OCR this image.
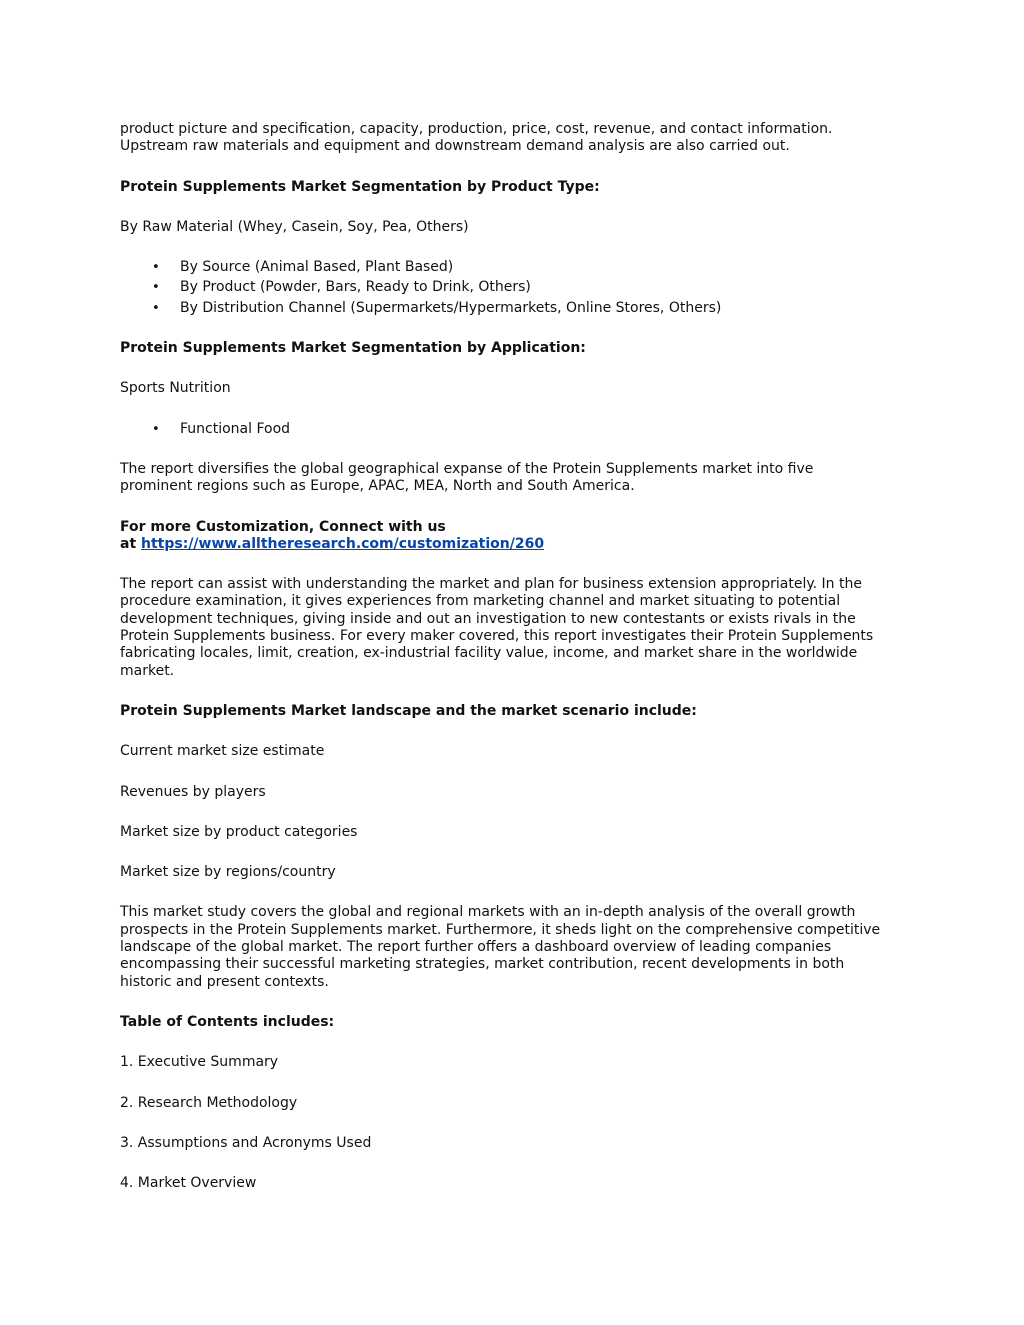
product picture and specification, capacity, production, price, cost, revenue, and contact information.
Upstream raw materials and equipment and downstream demand analysis are also carried out.

Protein Supplements Market Segmentation by Product Type:

By Raw Material (Whey, Casein, Soy, Pea, Others)

• By Source (Animal Based, Plant Based)
• By Product (Powder, Bars, Ready to Drink, Others)
• By Distribution Channel (Supermarkets/Hypermarkets, Online Stores, Others)

Protein Supplements Market Segmentation by Application:

Sports Nutrition

• Functional Food

The report diversifies the global geographical expanse of the Protein Supplements market into five
prominent regions such as Europe, APAC, MEA, North and South America.

For more Customization, Connect with us
at https://www.alltheresearch.com/customization/260

The report can assist with understanding the market and plan for business extension appropriately. In the
procedure examination, it gives experiences from marketing channel and market situating to potential
development techniques, giving inside and out an investigation to new contestants or exists rivals in the
Protein Supplements business. For every maker covered, this report investigates their Protein Supplements
fabricating locales, limit, creation, ex-industrial facility value, income, and market share in the worldwide
market.

Protein Supplements Market landscape and the market scenario include:

Current market size estimate

Revenues by players

Market size by product categories

Market size by regions/country

This market study covers the global and regional markets with an in-depth analysis of the overall growth
prospects in the Protein Supplements market. Furthermore, it sheds light on the comprehensive competitive
landscape of the global market. The report further offers a dashboard overview of leading companies
encompassing their successful marketing strategies, market contribution, recent developments in both
historic and present contexts.

Table of Contents includes:

1. Executive Summary

2. Research Methodology

3. Assumptions and Acronyms Used

4. Market Overview
